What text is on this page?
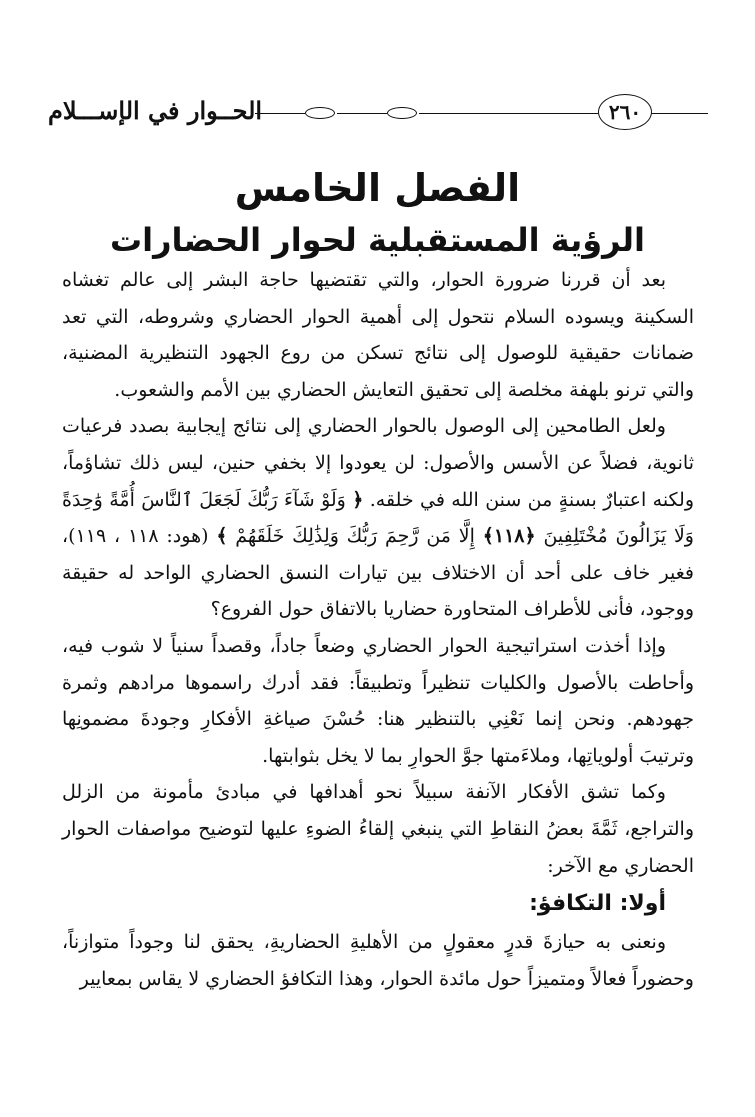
الحــوار في الإســـلام	٢٦٠
الفصل الخامس
الرؤية المستقبلية لحوار الحضارات

بعد أن قررنا ضرورة الحوار، والتي تقتضيها حاجة البشر إلى عالم تغشاه السكينة ويسوده السلام نتحول إلى أهمية الحوار الحضاري وشروطه، التي تعد ضمانات حقيقية للوصول إلى نتائج تسكن من روع الجهود التنظيرية المضنية، والتي ترنو بلهفة مخلصة إلى تحقيق التعايش الحضاري بين الأمم والشعوب.

ولعل الطامحين إلى الوصول بالحوار الحضاري إلى نتائج إيجابية بصدد فرعيات ثانوية، فضلاً عن الأسس والأصول: لن يعودوا إلا بخفي حنين، ليس ذلك تشاؤماً، ولكنه اعتبارٌ بسنةٍ من سنن الله في خلقه. ﴿ وَلَوْ شَآءَ رَبُّكَ لَجَعَلَ ٱلنَّاسَ أُمَّةً وَٰحِدَةً وَلَا يَزَالُونَ مُخْتَلِفِينَ ﴿١١٨﴾ إِلَّا مَن رَّحِمَ رَبُّكَ وَلِذَٰلِكَ خَلَقَهُمْ ﴾ (هود: ١١٨ ، ١١٩)، فغير خاف على أحد أن الاختلاف بين تيارات النسق الحضاري الواحد له حقيقة ووجود، فأنى للأطراف المتحاورة حضاريا بالاتفاق حول الفروع؟

وإذا أخذت استراتيجية الحوار الحضاري وضعاً جاداً، وقصداً سنياً لا شوب فيه، وأحاطت بالأصول والكليات تنظيراً وتطبيقاً: فقد أدرك راسموها مرادهم وثمرة جهودهم. ونحن إنما نَعْنِي بالتنظير هنا: حُسْنَ صياغةِ الأفكارِ وجودةَ مضمونِها وترتيبَ أولوياتِها، وملاءَمتها جوَّ الحوارِ بما لا يخل بثوابتها.

وكما تشق الأفكار الآنفة سبيلاً نحو أهدافها في مبادئ مأمونة من الزلل والتراجع، ثَمَّةَ بعضُ النقاطِ التي ينبغي إلقاءُ الضوءِ عليها لتوضيح مواصفات الحوار الحضاري مع الآخر:

أولا: التكافؤ:

ونعنى به حيازةَ قدرٍ معقولٍ من الأهليةِ الحضاريةِ، يحقق لنا وجوداً متوازناً، وحضوراً فعالاً ومتميزاً حول مائدة الحوار، وهذا التكافؤ الحضاري لا يقاس بمعايير
